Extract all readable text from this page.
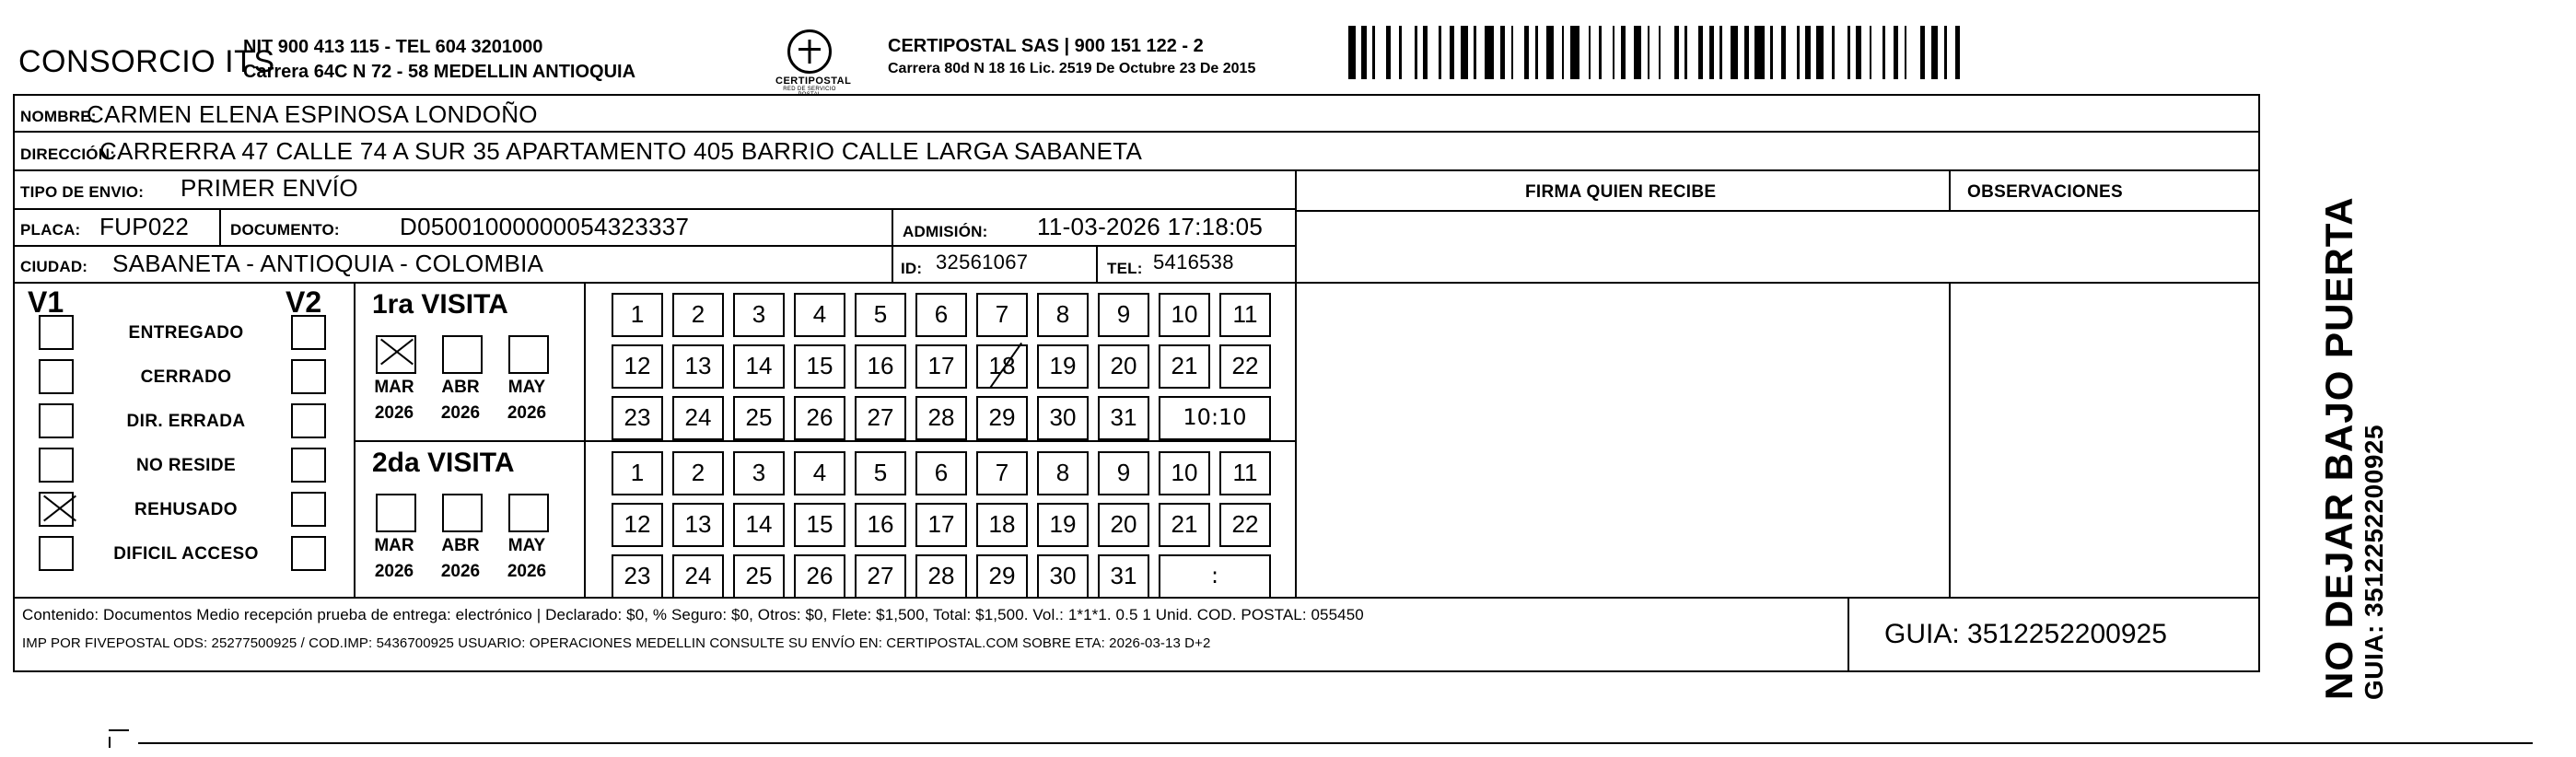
CONSORCIO ITS
NIT 900 413 115 - TEL 604 3201000
Carrera 64C N 72 - 58 MEDELLIN ANTIOQUIA	CERTIPOSTAL
RED DE SERVICIO POSTAL
CERTIPOSTAL SAS | 900 151 122 - 2
Carrera 80d N 18 16 Lic. 2519 De Octubre 23 De 2015
NOMBRE:
CARMEN ELENA ESPINOSA LONDOÑO
DIRECCIÓN:
CARRERRA 47 CALLE 74 A SUR 35 APARTAMENTO 405 BARRIO CALLE LARGA SABANETA
TIPO DE ENVIO: PRIMER ENVÍO
PLACA: FUP022	DOCUMENTO:	D05001000000054323337	ADMISIÓN: 11-03-2026 17:18:05
CIUDAD: SABANETA - ANTIOQUIA - COLOMBIA	ID: 32561067	TEL: 5416538
FIRMA QUIEN RECIBE	OBSERVACIONES
V1	V2
ENTREGADO
CERRADO
DIR. ERRADA
NO RESIDE
REHUSADO
DIFICIL ACCESO
1ra VISITA
MAR
2026
ABR
2026
MAY
2026
1	2	3	4	5	6	7	8	9	10	11
12	13	14	15	16	17	18	19	20	21	22
23	24	25	26	27	28	29	30	31	10:10
2da VISITA
MAR
2026
ABR
2026
MAY
2026
1	2	3	4	5	6	7	8	9	10	11
12	13	14	15	16	17	18	19	20	21	22
23	24	25	26	27	28	29	30	31	:
Contenido: Documentos Medio recepción prueba de entrega: electrónico | Declarado: $0, % Seguro: $0, Otros: $0, Flete: $1,500, Total: $1,500. Vol.: 1*1*1. 0.5 1 Unid. COD. POSTAL: 055450
IMP POR FIVEPOSTAL ODS: 25277500925 / COD.IMP: 5436700925 USUARIO: OPERACIONES MEDELLIN CONSULTE SU ENVÍO EN: CERTIPOSTAL.COM SOBRE ETA: 2026-03-13 D+2	GUIA: 3512252200925	NO DEJAR BAJO PUERTA GUIA: 3512252200925
